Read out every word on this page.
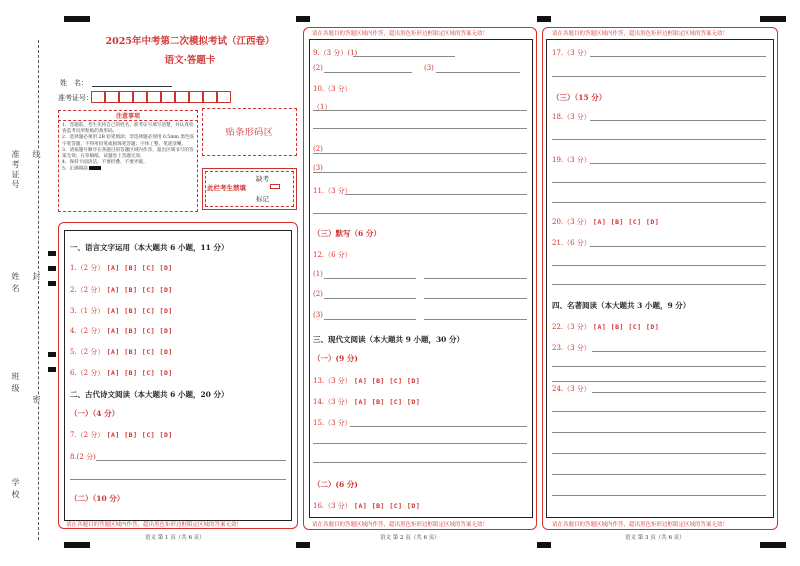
准考证号 线
姓名 封
班级
密
学校
2025年中考第二次模拟考试（江西卷）
语文·答题卡
姓　名：
准考证号：
注意事项
1．答题前，考生先将自己的姓名、准考证号填写清楚，并认真检查监考员所粘贴的条形码。
2．选择题必须用 2B 铅笔填涂；非选择题必须用 0.5mm 黑色签字笔答题，不得用铅笔或圆珠笔答题；字体工整、笔迹清晰。
3．请按题号顺序在各题目的答题区域内作答，超出区域书写的答案无效；在草稿纸、试题卷上答题无效。
4．保持卡面清洁，不要折叠、不要弄破。
5．正确填涂
贴条形码区
此栏考生禁填
缺考
标记
一、语言文字运用（本大题共 6 小题，11 分）
1.（2 分） [A] [B] [C] [D]
2.（2 分） [A] [B] [C] [D]
3.（1 分） [A] [B] [C] [D]
4.（2 分） [A] [B] [C] [D]
5.（2 分） [A] [B] [C] [D]
6.（2 分） [A] [B] [C] [D]
二、古代诗文阅读（本大题共 6 小题，20 分）
（一）（4 分）
7.（2 分） [A] [B] [C] [D]
8.(2 分)
（二）（10 分）
请在各题目的答题区域内作答，超出黑色矩形边框限定区域的答案无效！
语文 第 1 页（共 6 页）
请在各题目的答题区域内作答，超出黑色矩形边框限定区域的答案无效！
9.（3 分）(1)
(2)	(3)
10.（3 分）
（1）
(2)
(3)
11.（3 分）
（三）默写（6 分）
12.（6 分）
(1)
(2)
(3)
三、现代文阅读（本大题共 9 小题，30 分）
（一）(9 分)
13.（3 分） [A] [B] [C] [D]
14.（3 分） [A] [B] [C] [D]
15.（3 分）
（二）(6 分)
16.（3 分） [A] [B] [C] [D]
请在各题目的答题区域内作答，超出黑色矩形边框限定区域的答案无效！
语文 第 2 页（共 6 页）
请在各题目的答题区域内作答，超出黑色矩形边框限定区域的答案无效！
17.（3 分）
（三）（15 分）
18.（3 分）
19.（3 分）
20.（3 分） [A] [B] [C] [D]
21.（6 分）
四、名著阅读（本大题共 3 小题，9 分）
22.（3 分） [A] [B] [C] [D]
23.（3 分）
24.（3 分）
请在各题目的答题区域内作答，超出黑色矩形边框限定区域的答案无效！
语文 第 3 页（共 6 页）
